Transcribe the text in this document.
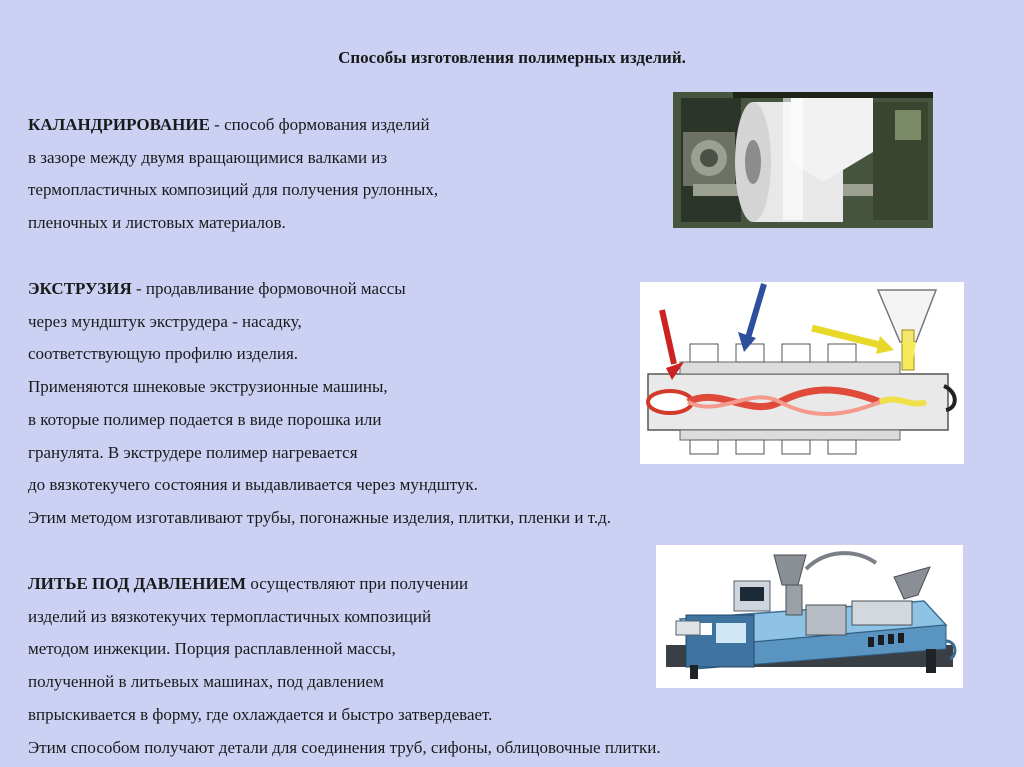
Способы изготовления полимерных изделий.
КАЛАНДРИРОВАНИЕ - способ формования изделий
в зазоре между двумя вращающимися валками из
термопластичных композиций для получения рулонных,
пленочных и листовых материалов.
ЭКСТРУЗИЯ - продавливание формовочной массы
через мундштук экструдера - насадку,
соответствующую профилю изделия.
Применяются шнековые экструзионные машины,
в которые полимер подается в виде порошка или
гранулята. В экструдере полимер нагревается
до вязкотекучего состояния и выдавливается через мундштук.
Этим методом изготавливают трубы, погонажные изделия, плитки, пленки и т.д.
ЛИТЬЕ ПОД ДАВЛЕНИЕМ осуществляют при получении
изделий из вязкотекучих термопластичных композиций
методом инжекции. Порция расплавленной массы,
полученной в литьевых машинах, под давлением
впрыскивается в форму, где охлаждается и быстро затвердевает.
Этим способом получают детали для соединения труб, сифоны, облицовочные плитки.
